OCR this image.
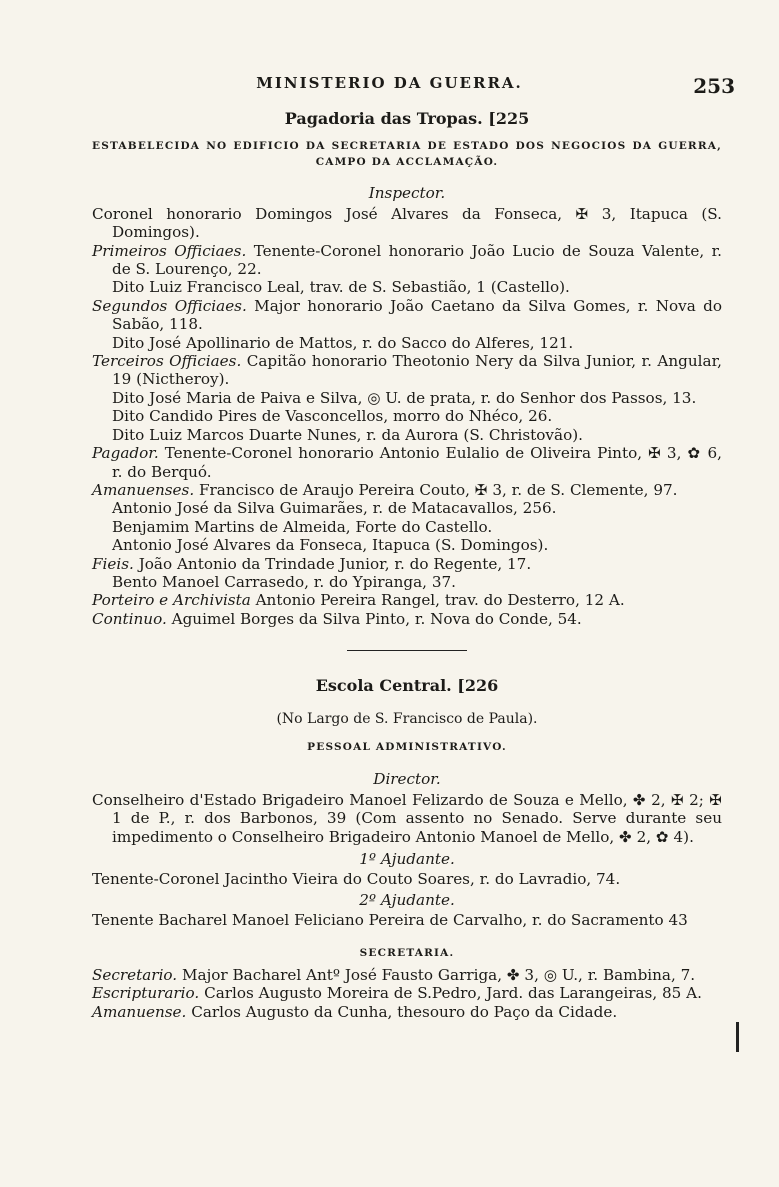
MINISTERIO DA GUERRA.	253
Pagadoria das Tropas. [225
ESTABELECIDA NO EDIFICIO DA SECRETARIA DE ESTADO DOS NEGOCIOS DA GUERRA, CAMPO DA ACCLAMAÇÃO.
Inspector.
Coronel honorario Domingos José Alvares da Fonseca, ✠ 3, Itapuca (S. Domingos).
Primeiros Officiaes. Tenente-Coronel honorario João Lucio de Souza Valente, r. de S. Lourenço, 22.
Dito Luiz Francisco Leal, trav. de S. Sebastião, 1 (Castello).
Segundos Officiaes. Major honorario João Caetano da Silva Gomes, r. Nova do Sabão, 118.
Dito José Apollinario de Mattos, r. do Sacco do Alferes, 121.
Terceiros Officiaes. Capitão honorario Theotonio Nery da Silva Junior, r. Angular, 19 (Nictheroy).
Dito José Maria de Paiva e Silva, ◎ U. de prata, r. do Senhor dos Passos, 13.
Dito Candido Pires de Vasconcellos, morro do Nhéco, 26.
Dito Luiz Marcos Duarte Nunes, r. da Aurora (S. Christovão).
Pagador. Tenente-Coronel honorario Antonio Eulalio de Oliveira Pinto, ✠ 3, ✿ 6, r. do Berquó.
Amanuenses. Francisco de Araujo Pereira Couto, ✠ 3, r. de S. Clemente, 97.
Antonio José da Silva Guimarães, r. de Matacavallos, 256.
Benjamim Martins de Almeida, Forte do Castello.
Antonio José Alvares da Fonseca, Itapuca (S. Domingos).
Fieis. João Antonio da Trindade Junior, r. do Regente, 17.
Bento Manoel Carrasedo, r. do Ypiranga, 37.
Porteiro e Archivista Antonio Pereira Rangel, trav. do Desterro, 12 A.
Continuo. Aguimel Borges da Silva Pinto, r. Nova do Conde, 54.
Escola Central. [226
(No Largo de S. Francisco de Paula).
PESSOAL ADMINISTRATIVO.
Director.
Conselheiro d'Estado Brigadeiro Manoel Felizardo de Souza e Mello, ✤ 2, ✠ 2; ✠ 1 de P., r. dos Barbonos, 39 (Com assento no Senado. Serve durante seu impedimento o Conselheiro Brigadeiro Antonio Manoel de Mello, ✤ 2, ✿ 4).
1º Ajudante.
Tenente-Coronel Jacintho Vieira do Couto Soares, r. do Lavradio, 74.
2º Ajudante.
Tenente Bacharel Manoel Feliciano Pereira de Carvalho, r. do Sacramento 43
SECRETARIA.
Secretario. Major Bacharel Antº José Fausto Garriga, ✤ 3, ◎ U., r. Bambina, 7.
Escripturario. Carlos Augusto Moreira de S.Pedro, Jard. das Larangeiras, 85 A.
Amanuense. Carlos Augusto da Cunha, thesouro do Paço da Cidade.
